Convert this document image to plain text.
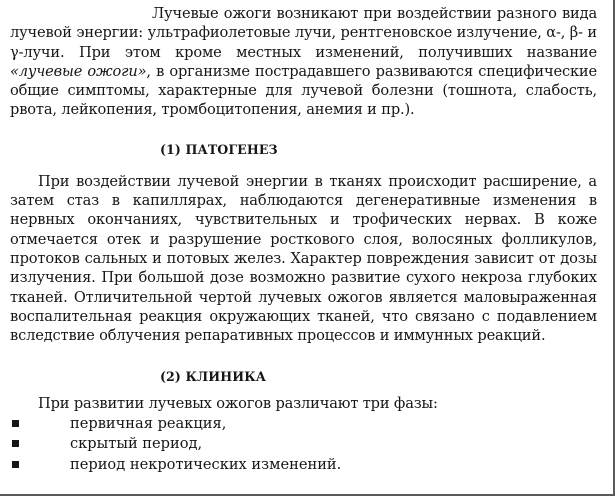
Лучевые ожоги возникают при воздействии разного вида лучевой энергии: ультрафиолетовые лучи, рентгеновское излучение, α-, β- и γ-лучи. При этом кроме местных изменений, получивших название «лучевые ожоги», в организме пострадавшего развиваются специфические общие симптомы, характерные для лучевой болезни (тошнота, слабость, рвота, лейкопения, тромбоцитопения, анемия и пр.).

(1) ПАТОГЕНЕЗ

При воздействии лучевой энергии в тканях происходит расширение, а затем стаз в капиллярах, наблюдаются дегенеративные изменения в нервных окончаниях, чувствительных и трофических нервах. В коже отмечается отек и разрушение росткового слоя, волосяных фолликулов, протоков сальных и потовых желез. Характер повреждения зависит от дозы излучения. При большой дозе возможно развитие сухого некроза глубоких тканей. Отличительной чертой лучевых ожогов является маловыраженная воспалительная реакция окружающих тканей, что связано с подавлением вследствие облучения репаративных процессов и иммунных реакций.

(2) КЛИНИКА

При развитии лучевых ожогов различают три фазы:

первичная реакция,
скрытый период,
период некротических изменений.
